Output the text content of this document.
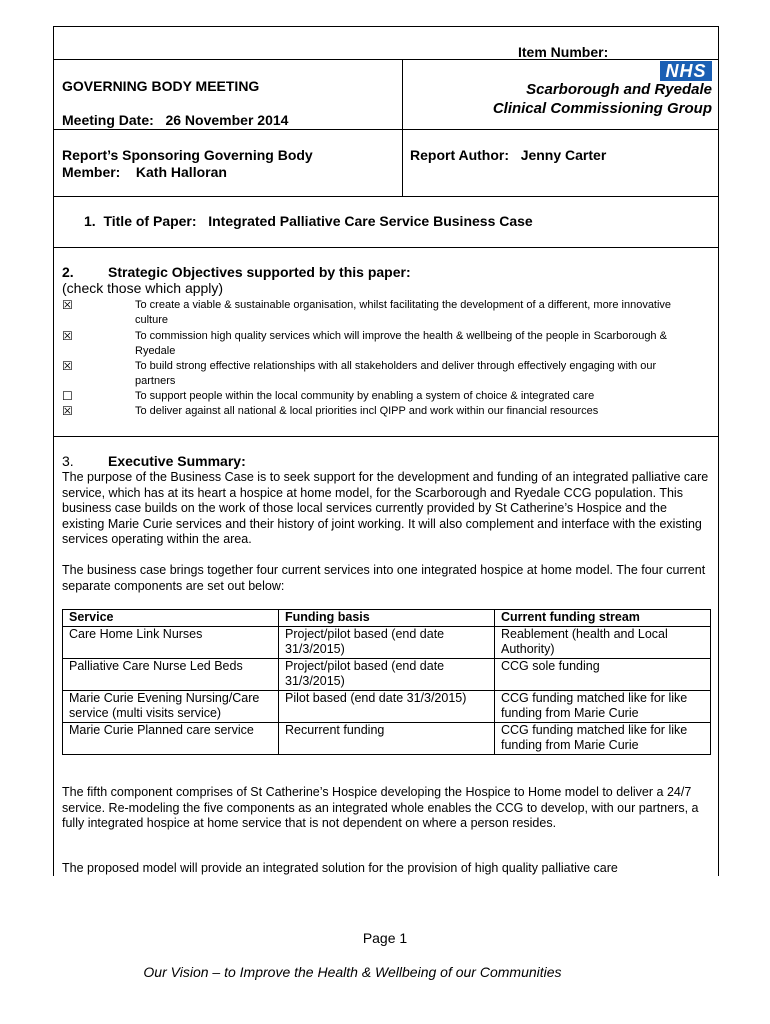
Item Number:
GOVERNING BODY MEETING
Meeting Date: 26 November 2014
NHS
Scarborough and Ryedale
Clinical Commissioning Group
Report’s Sponsoring Governing Body
Member:    Kath Halloran
Report Author:   Jenny Carter
1.  Title of Paper:   Integrated Palliative Care Service Business Case
2. Strategic Objectives supported by this paper:
(check those which apply)
☒	To create a viable & sustainable organisation, whilst facilitating the development of a different, more innovative culture
☒	To commission high quality services which will improve the health & wellbeing of the people in Scarborough & Ryedale
☒	To build strong effective relationships with all stakeholders and deliver through effectively engaging with our partners
☐	To support people within the local community by enabling a system of choice & integrated care
☒	To deliver against all national & local priorities incl QIPP and work within our financial resources
3. Executive Summary:
The purpose of the Business Case is to seek support for the development and funding of an integrated palliative care service, which has at its heart a hospice at home model, for the Scarborough and Ryedale CCG population. This business case builds on the work of those local services currently provided by St Catherine’s Hospice and the existing Marie Curie services and their history of joint working. It will also complement and interface with the existing services operating within the area.
The business case brings together four current services into one integrated hospice at home model. The four current separate components are set out below:
Service	Funding basis	Current funding stream
Care Home Link Nurses	Project/pilot based (end date 31/3/2015)	Reablement (health and Local Authority)
Palliative Care Nurse Led Beds	Project/pilot based (end date 31/3/2015)	CCG sole funding
Marie Curie Evening Nursing/Care service (multi visits service)	Pilot based (end date 31/3/2015)	CCG funding matched like for like funding from Marie Curie
Marie Curie Planned care service	Recurrent funding	CCG funding matched like for like funding from Marie Curie
The fifth component comprises of St Catherine’s Hospice developing the Hospice to Home model to deliver a 24/7 service. Re-modeling the five components as an integrated whole enables the CCG to develop, with our partners, a fully integrated hospice at home service that is not dependent on where a person resides.
The proposed model will provide an integrated solution for the provision of high quality palliative care
Page 1
Our Vision – to Improve the Health & Wellbeing of our Communities
